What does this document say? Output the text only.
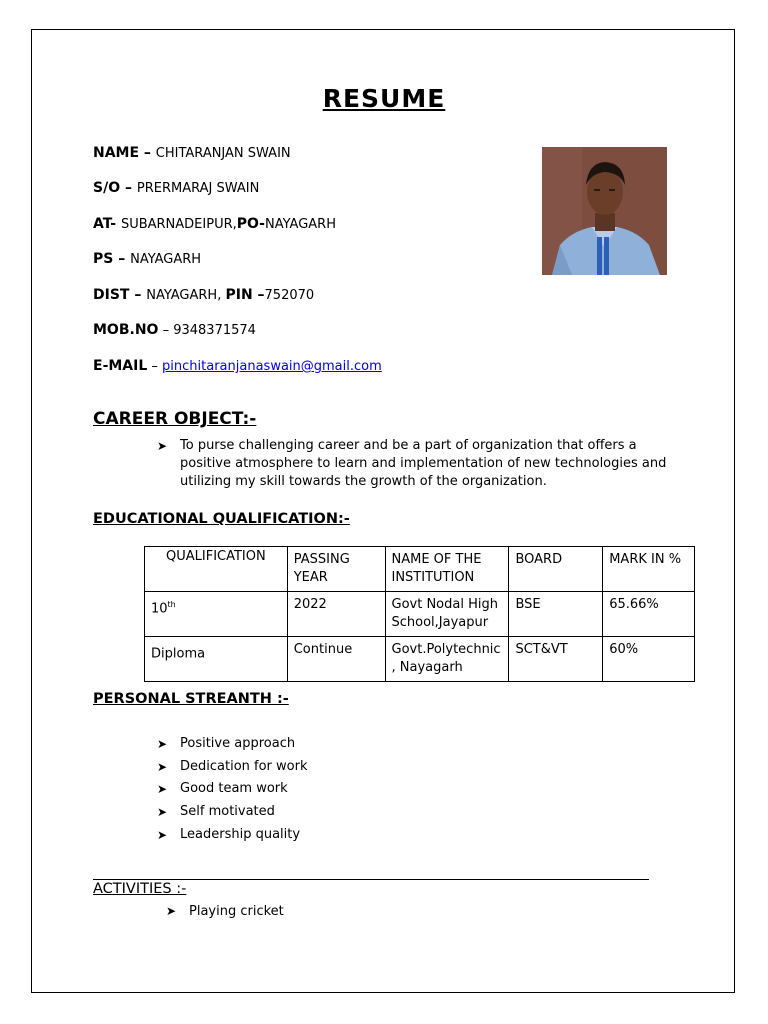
RESUME
NAME – CHITARANJAN SWAIN
S/O – PRERMARAJ SWAIN
AT- SUBARNADEIPUR,PO-NAYAGARH
PS – NAYAGARH
DIST – NAYAGARH, PIN –752070
MOB.NO – 9348371574
E-MAIL – pinchitaranjanaswain@gmail.com
CAREER OBJECT:-
➤ To purse challenging career and be a part of organization that offers a positive atmosphere to learn and implementation of new technologies and utilizing my skill towards the growth of the organization.
EDUCATIONAL QUALIFICATION:-
QUALIFICATION	PASSING YEAR	NAME OF THE INSTITUTION	BOARD	MARK IN %
10th	2022	Govt Nodal High School,Jayapur	BSE	65.66%
Diploma	Continue	Govt.Polytechnic , Nayagarh	SCT&VT	60%
PERSONAL STREANTH :-
➤ Positive approach
➤ Dedication for work
➤ Good team work
➤ Self motivated
➤ Leadership quality
ACTIVITIES :-
➤ Playing cricket
